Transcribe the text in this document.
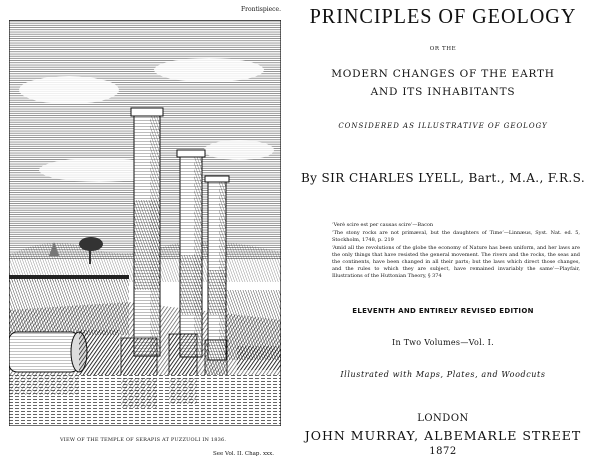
Frontispiece.
VIEW OF THE TEMPLE OF SERAPIS AT PUZZUOLI IN 1836.
See Vol. II. Chap. xxx.
PRINCIPLES OF GEOLOGY
OR THE
MODERN CHANGES OF THE EARTH
AND ITS INHABITANTS
CONSIDERED AS ILLUSTRATIVE OF GEOLOGY
By SIR CHARLES LYELL, Bart., M.A., F.R.S.

‘Verè scire est per causas scire’—Bacon

‘The stony rocks are not primæval, but the daughters of Time’—Linnæus, Syst. Nat. ed. 5, Stockholm, 1748, p. 219

‘Amid all the revolutions of the globe the economy of Nature has been uniform, and her laws are the only things that have resisted the general movement. The rivers and the rocks, the seas and the continents, have been changed in all their parts; but the laws which direct those changes, and the rules to which they are subject, have remained invariably the same’—Playfair, Illustrations of the Huttonian Theory, § 374

ELEVENTH AND ENTIRELY REVISED EDITION
In Two Volumes—Vol. I.
Illustrated with Maps, Plates, and Woodcuts
LONDON
JOHN MURRAY, ALBEMARLE STREET
1872
